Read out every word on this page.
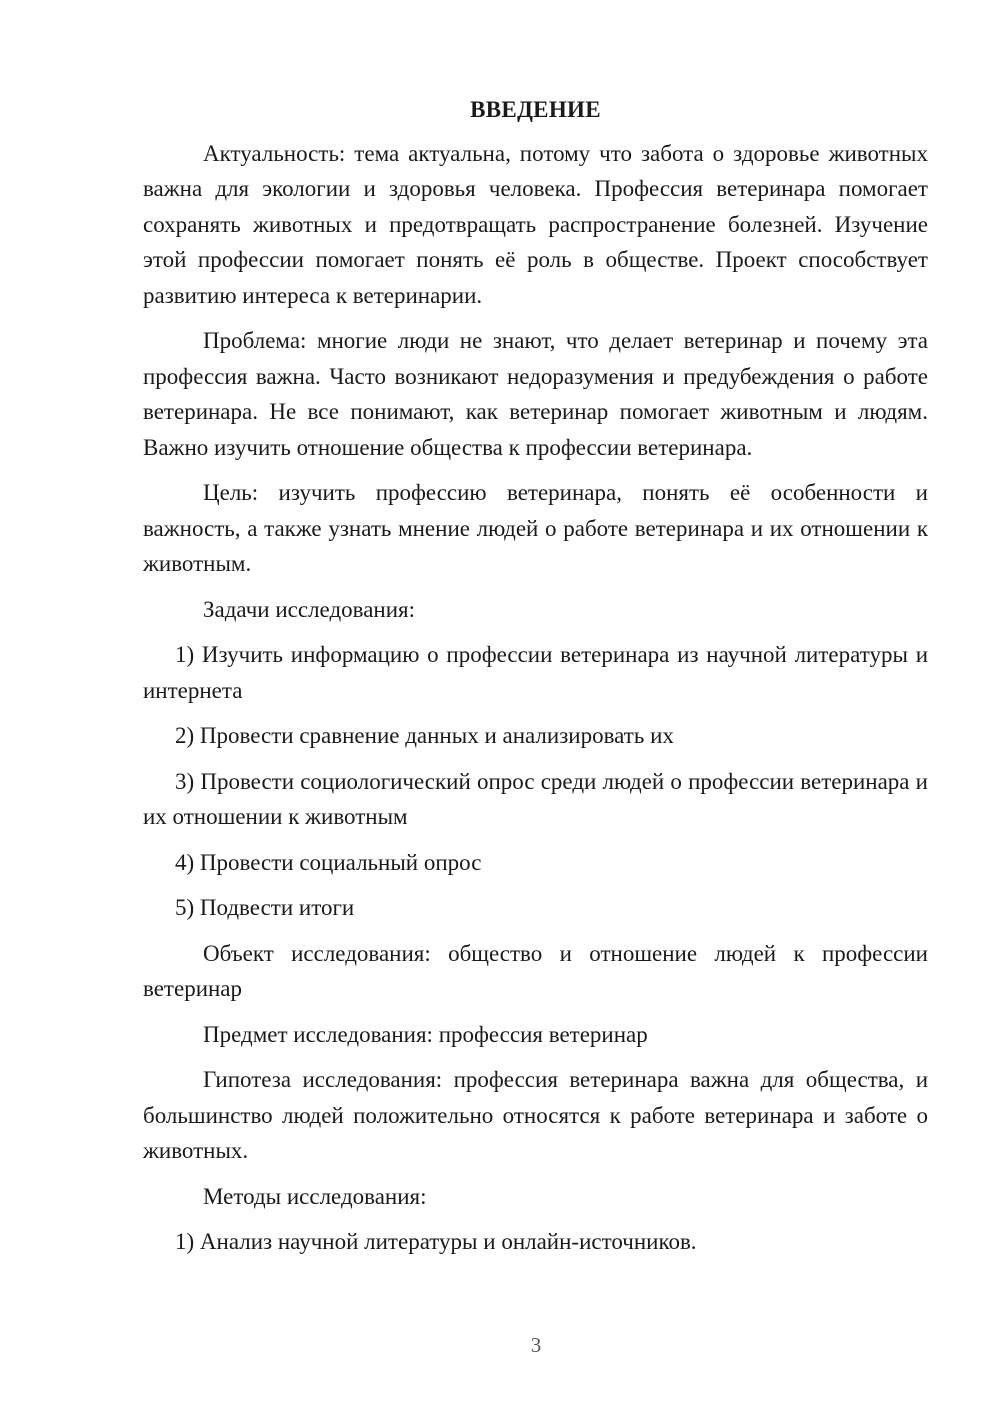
ВВЕДЕНИЕ

Актуальность: тема актуальна, потому что забота о здоровье животных важна для экологии и здоровья человека. Профессия ветеринара помогает сохранять животных и предотвращать распространение болезней. Изучение этой профессии помогает понять её роль в обществе. Проект способствует развитию интереса к ветеринарии.

Проблема: многие люди не знают, что делает ветеринар и почему эта профессия важна. Часто возникают недоразумения и предубеждения о работе ветеринара. Не все понимают, как ветеринар помогает животным и людям. Важно изучить отношение общества к профессии ветеринара.

Цель: изучить профессию ветеринара, понять её особенности и важность, а также узнать мнение людей о работе ветеринара и их отношении к животным.

Задачи исследования:

1) Изучить информацию о профессии ветеринара из научной литературы и интернета

2) Провести сравнение данных и анализировать их

3) Провести социологический опрос среди людей о профессии ветеринара и их отношении к животным

4) Провести социальный опрос

5) Подвести итоги

Объект исследования: общество и отношение людей к профессии ветеринар

Предмет исследования: профессия ветеринар

Гипотеза исследования: профессия ветеринара важна для общества, и большинство людей положительно относятся к работе ветеринара и заботе о животных.

Методы исследования:

1) Анализ научной литературы и онлайн-источников.

3
